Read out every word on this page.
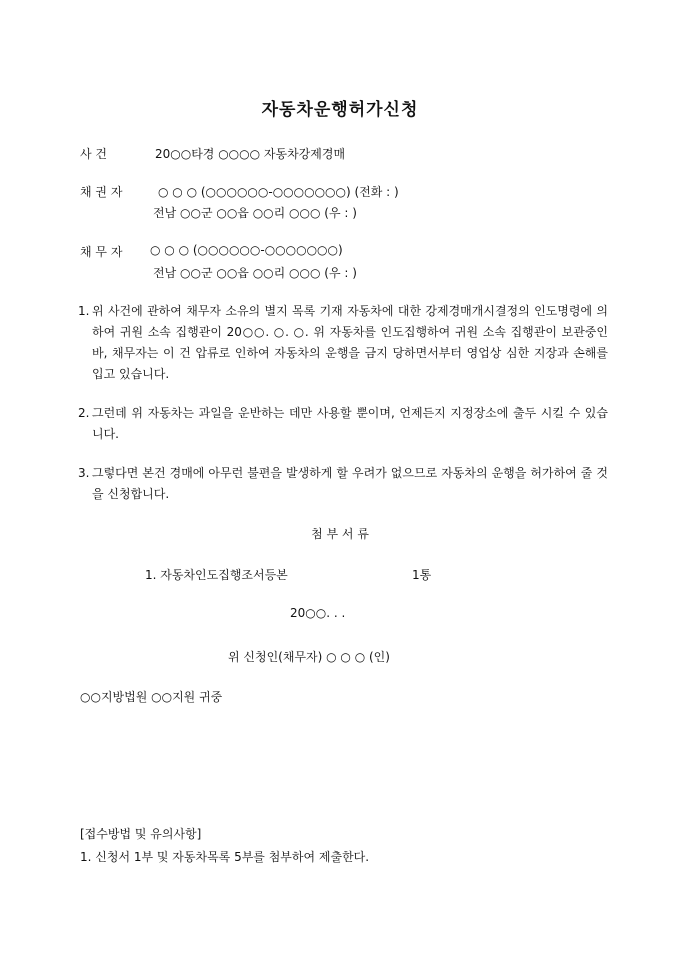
자동차운행허가신청
사 건	20○○타경 ○○○○ 자동차강제경매
채 권 자	○ ○ ○ (○○○○○○-○○○○○○○) (전화 : )
전남 ○○군 ○○읍 ○○리 ○○○ (우 : )
채 무 자 ○ ○ ○ (○○○○○○-○○○○○○○)
전남 ○○군 ○○읍 ○○리 ○○○ (우 : )
1. 위 사건에 관하여 채무자 소유의 별지 목록 기재 자동차에 대한 강제경매개시결정의 인도명령에 의하여 귀원 소속 집행관이 20○○. ○. ○. 위 자동차를 인도집행하여 귀원 소속 집행관이 보관중인 바, 채무자는 이 건 압류로 인하여 자동차의 운행을 금지 당하면서부터 영업상 심한 지장과 손해를 입고 있습니다.
2. 그런데 위 자동차는 과일을 운반하는 데만 사용할 뿐이며, 언제든지 지정장소에 출두 시킬 수 있습니다.
3. 그렇다면 본건 경매에 아무런 불편을 발생하게 할 우려가 없으므로 자동차의 운행을 허가하여 줄 것을 신청합니다.
첨 부 서 류
1. 자동차인도집행조서등본	1통
20○○. . .
위 신청인(채무자) ○ ○ ○ (인)
○○지방법원 ○○지원 귀중
[접수방법 및 유의사항]
1. 신청서 1부 및 자동차목록 5부를 첨부하여 제출한다.
